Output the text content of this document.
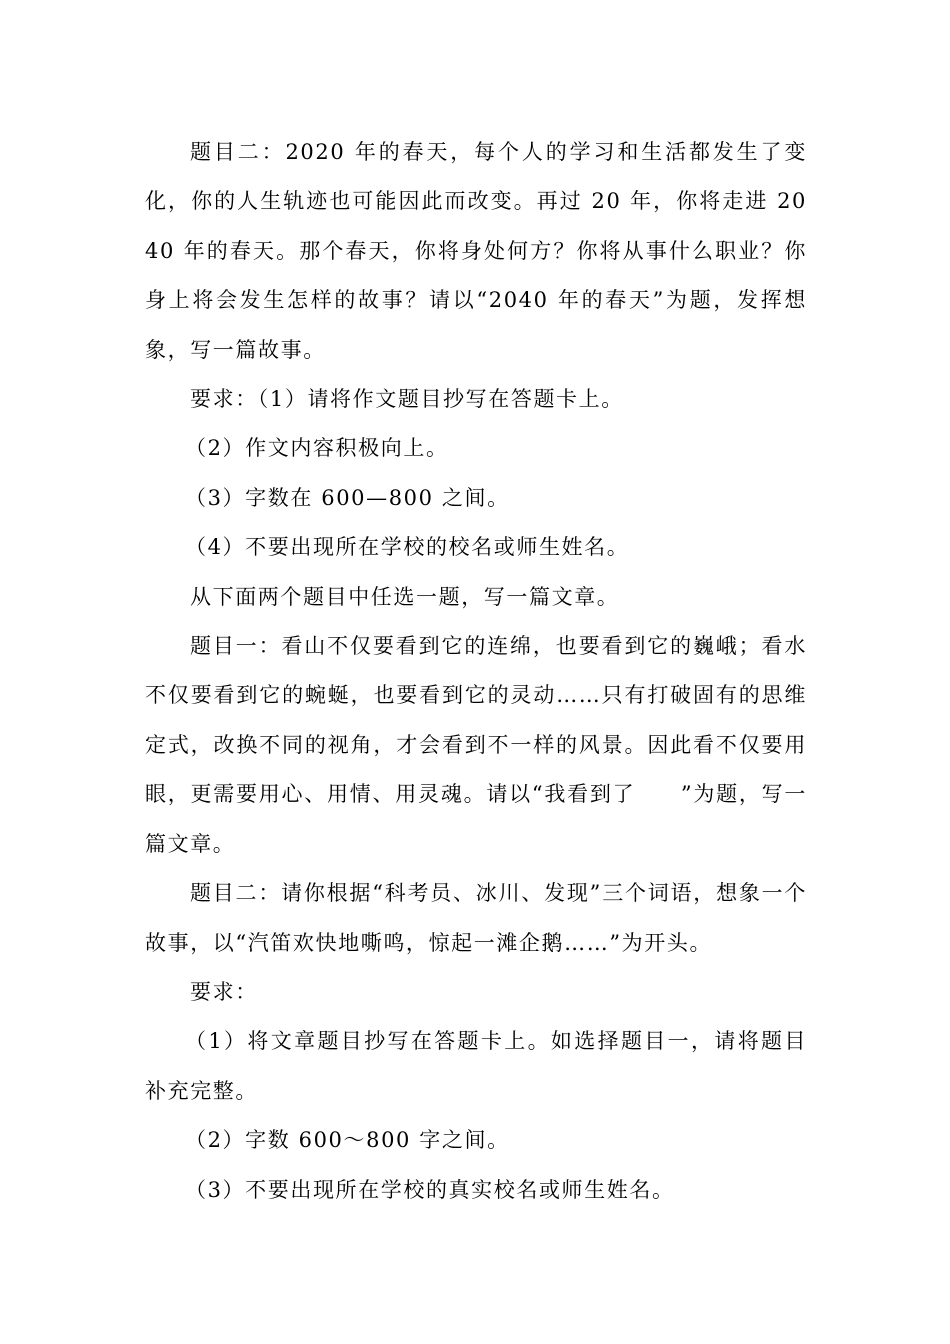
题目二：2020 年的春天，每个人的学习和生活都发生了变化，你的人生轨迹也可能因此而改变。再过 20 年，你将走进 2040 年的春天。那个春天，你将身处何方？你将从事什么职业？你身上将会发生怎样的故事？请以“2040 年的春天”为题，发挥想象，写一篇故事。

要求：（1）请将作文题目抄写在答题卡上。

（2）作文内容积极向上。

（3）字数在 600—800 之间。

（4）不要出现所在学校的校名或师生姓名。

从下面两个题目中任选一题，写一篇文章。

题目一：看山不仅要看到它的连绵，也要看到它的巍峨；看水不仅要看到它的蜿蜒，也要看到它的灵动……只有打破固有的思维定式，改换不同的视角，才会看到不一样的风景。因此看不仅要用眼，更需要用心、用情、用灵魂。请以“我看到了　　”为题，写一篇文章。

题目二：请你根据“科考员、冰川、发现”三个词语，想象一个故事，以“汽笛欢快地嘶鸣，惊起一滩企鹅……”为开头。

要求：

（1）将文章题目抄写在答题卡上。如选择题目一，请将题目补充完整。

（2）字数 600～800 字之间。

（3）不要出现所在学校的真实校名或师生姓名。
